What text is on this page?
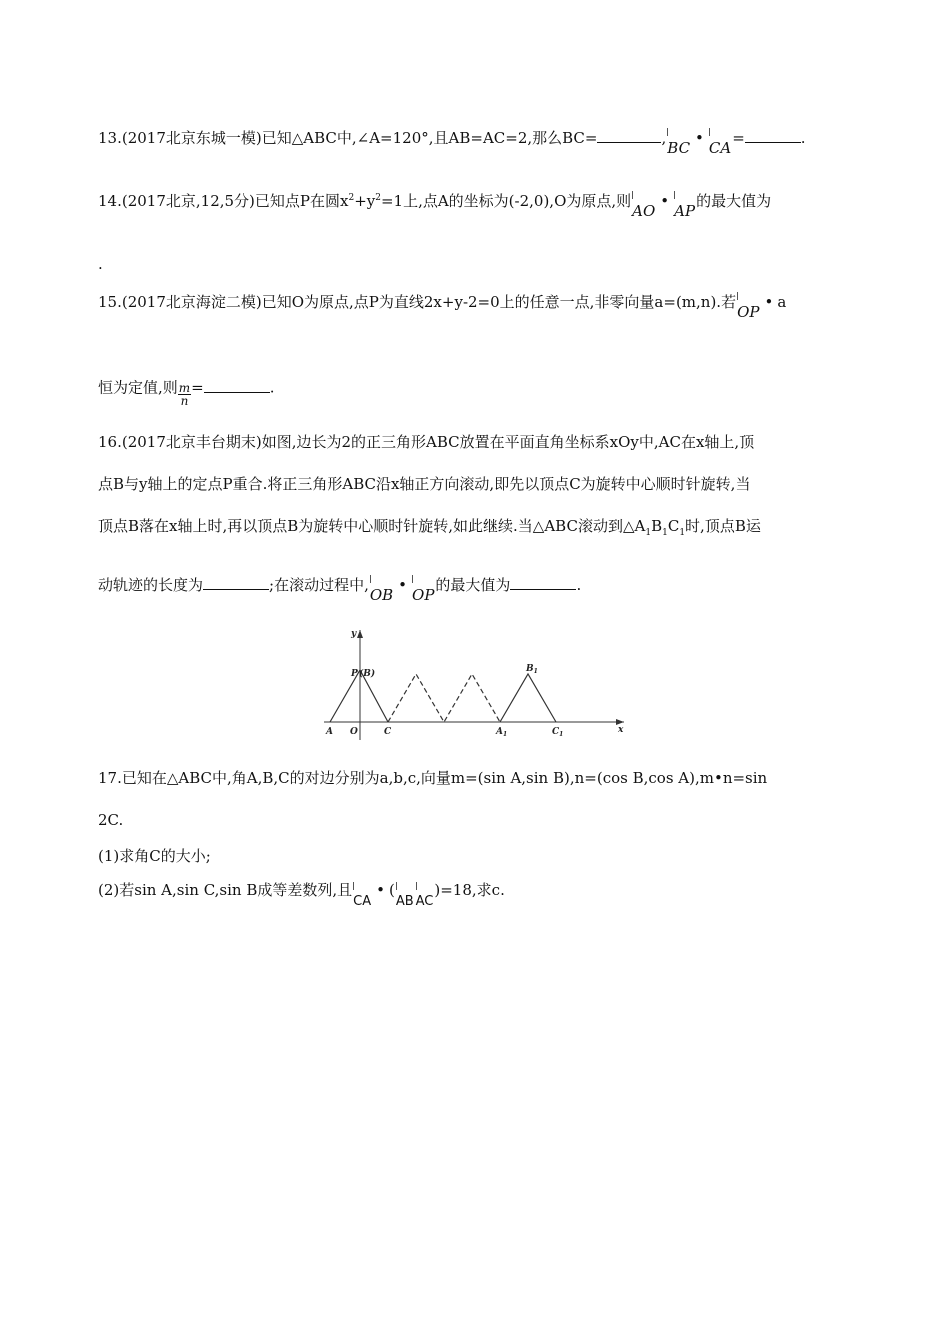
13.(2017北京东城一模)已知△ABC中,∠A=120°,且AB=AC=2,那么BC=	,BC•CA=	.
14.(2017北京,12,5分)已知点P在圆$x^2+y^2=1$上,点A的坐标为(-2,0),O为原点,则AO•AP的最大值为
.
15.(2017北京海淀二模)已知O为原点,点P为直线2x+y-2=0上的任意一点,非零向量a=(m,n).若OP• a
恒为定值,则 $\frac{m}{n}$ =	.
16.(2017北京丰台期末)如图,边长为2的正三角形ABC放置在平面直角坐标系xOy中,AC在x轴上,顶
点B与y轴上的定点P重合.将正三角形ABC沿x轴正方向滚动,即先以顶点C为旋转中心顺时针旋转,当
顶点B落在x轴上时,再以顶点B为旋转中心顺时针旋转,如此继续.当△ABC滚动到$\triangle A_1B_1C_1$时,顶点B运
动轨迹的长度为	;在滚动过程中,OB•OP的最大值为	.
y
x
P (B)
A O	C	$A_1$
$B_1$
$C_1$
17.已知在△ABC中,角A,B,C的对边分别为a,b,c,向量m=(sin A,sin B),n=(cos B,cos A),m•n=sin
2C.
(1)求角C的大小;
(2)若sin A,sin C,sin B成等差数列,且CA• (AB AC)=18,求c.
